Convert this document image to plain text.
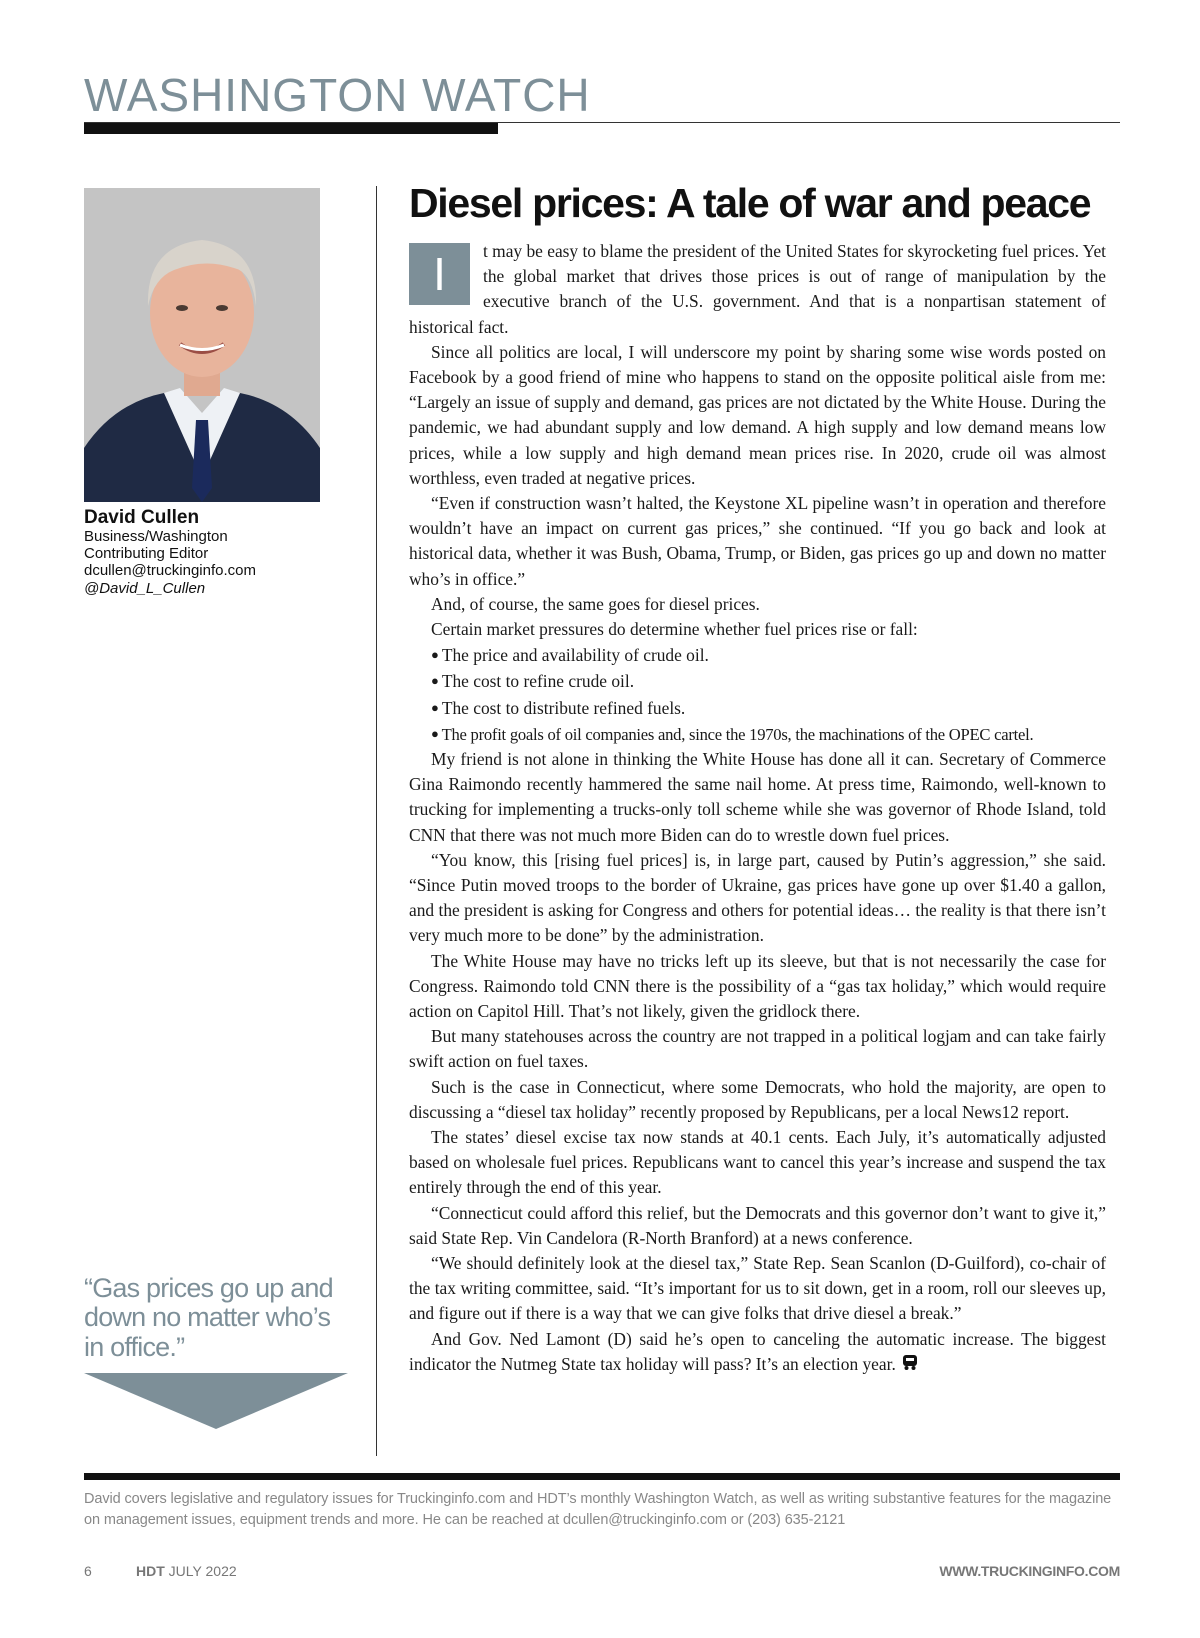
WASHINGTON WATCH
David Cullen
Business/Washington
Contributing Editor
dcullen@truckinginfo.com
@David_L_Cullen
“Gas prices go up and down no matter who’s in office.”
Diesel prices: A tale of war and peace

I	t may be easy to blame the president of the United States for skyrocketing fuel prices. Yet the global market that drives those prices is out of range of manipulation by the executive branch of the U.S. government. And that is a nonpartisan statement of historical fact.

Since all politics are local, I will underscore my point by sharing some wise words posted on Facebook by a good friend of mine who happens to stand on the opposite political aisle from me: “Largely an issue of supply and demand, gas prices are not dictated by the White House. During the pandemic, we had abundant supply and low demand. A high supply and low demand means low prices, while a low supply and high demand mean prices rise. In 2020, crude oil was almost worthless, even traded at negative prices.

“Even if construction wasn’t halted, the Keystone XL pipeline wasn’t in operation and therefore wouldn’t have an impact on current gas prices,” she continued. “If you go back and look at historical data, whether it was Bush, Obama, Trump, or Biden, gas prices go up and down no matter who’s in office.”

And, of course, the same goes for diesel prices.

Certain market pressures do determine whether fuel prices rise or fall:

● The price and availability of crude oil.

● The cost to refine crude oil.

● The cost to distribute refined fuels.

● The profit goals of oil companies and, since the 1970s, the machinations of the OPEC cartel.

My friend is not alone in thinking the White House has done all it can. Secretary of Commerce Gina Raimondo recently hammered the same nail home. At press time, Raimondo, well-known to trucking for implementing a trucks-only toll scheme while she was governor of Rhode Island, told CNN that there was not much more Biden can do to wrestle down fuel prices.

“You know, this [rising fuel prices] is, in large part, caused by Putin’s aggression,” she said. “Since Putin moved troops to the border of Ukraine, gas prices have gone up over $1.40 a gallon, and the president is asking for Congress and others for potential ideas… the reality is that there isn’t very much more to be done” by the administration.

The White House may have no tricks left up its sleeve, but that is not necessarily the case for Congress. Raimondo told CNN there is the possibility of a “gas tax holiday,” which would require action on Capitol Hill. That’s not likely, given the gridlock there.

But many statehouses across the country are not trapped in a political logjam and can take fairly swift action on fuel taxes.

Such is the case in Connecticut, where some Democrats, who hold the majority, are open to discussing a “diesel tax holiday” recently proposed by Republicans, per a local News12 report.

The states’ diesel excise tax now stands at 40.1 cents. Each July, it’s automatically adjusted based on wholesale fuel prices. Republicans want to cancel this year’s increase and suspend the tax entirely through the end of this year.

“Connecticut could afford this relief, but the Democrats and this governor don’t want to give it,” said State Rep. Vin Candelora (R-North Branford) at a news conference.

“We should definitely look at the diesel tax,” State Rep. Sean Scanlon (D-Guilford), co-chair of the tax writing committee, said. “It’s important for us to sit down, get in a room, roll our sleeves up, and figure out if there is a way that we can give folks that drive diesel a break.”

And Gov. Ned Lamont (D) said he’s open to canceling the automatic increase. The biggest indicator the Nutmeg State tax holiday will pass? It’s an election year.

David covers legislative and regulatory issues for Truckinginfo.com and HDT’s monthly Washington Watch, as well as writing substantive features for the magazine on management issues, equipment trends and more. He can be reached at dcullen@truckinginfo.com or (203) 635-2121

6	HDT JULY 2022	WWW.TRUCKINGINFO.COM
